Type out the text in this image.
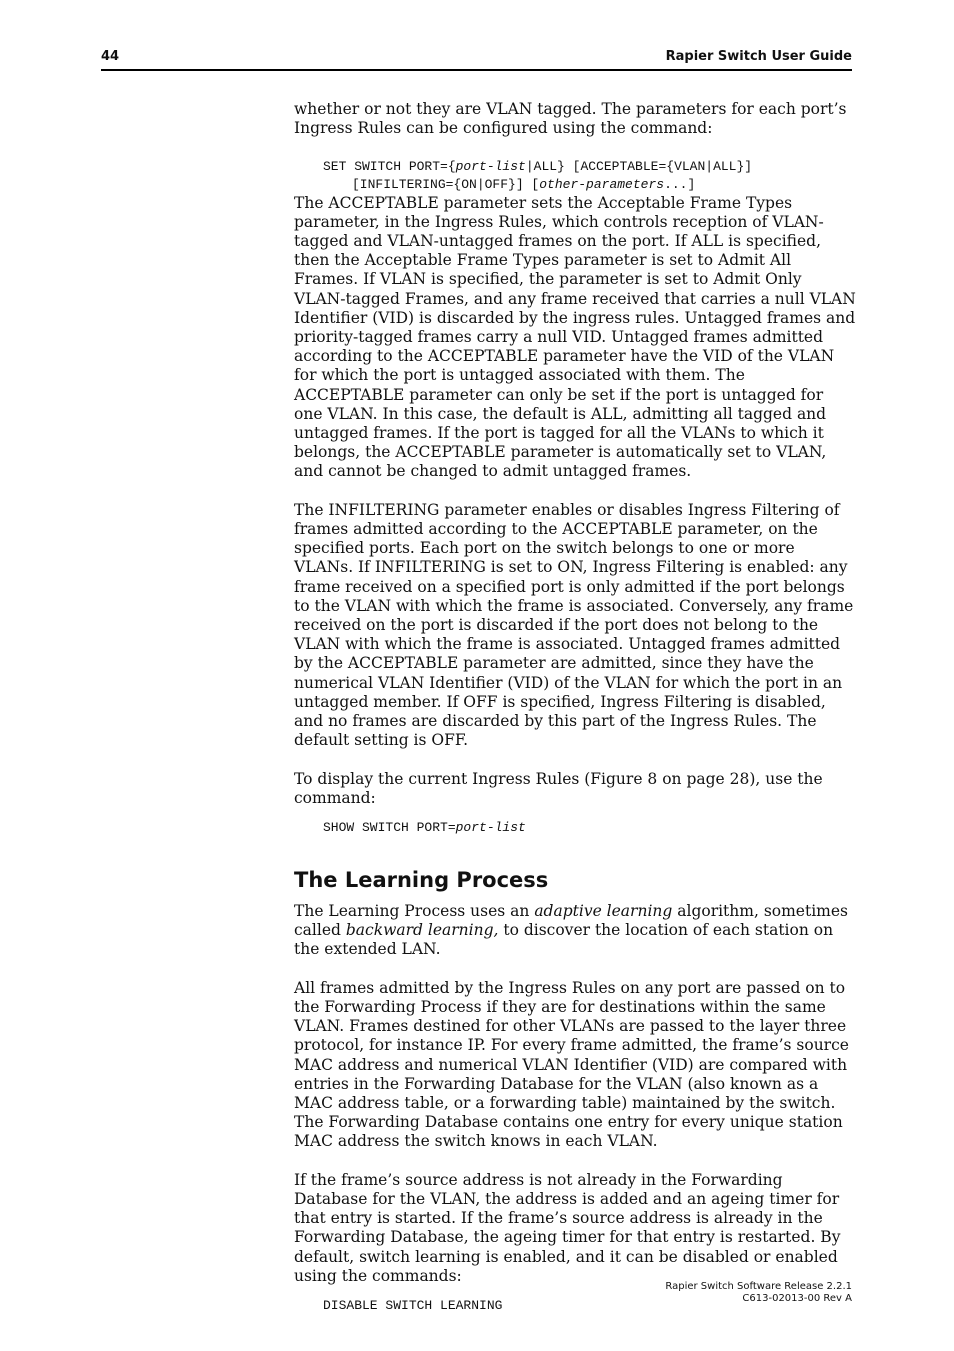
44	Rapier Switch User Guide

whether or not they are VLAN tagged. The parameters for each port’s Ingress Rules can be configured using the command:

SET SWITCH PORT={port-list|ALL} [ACCEPTABLE={VLAN|ALL}]
[INFILTERING={ON|OFF}] [other-parameters...]

The ACCEPTABLE parameter sets the Acceptable Frame Types parameter, in the Ingress Rules, which controls reception of VLAN-tagged and VLAN-untagged frames on the port. If ALL is specified, then the Acceptable Frame Types parameter is set to Admit All Frames. If VLAN is specified, the parameter is set to Admit Only VLAN-tagged Frames, and any frame received that carries a null VLAN Identifier (VID) is discarded by the ingress rules. Untagged frames and priority-tagged frames carry a null VID. Untagged frames admitted according to the ACCEPTABLE parameter have the VID of the VLAN for which the port is untagged associated with them. The ACCEPTABLE parameter can only be set if the port is untagged for one VLAN. In this case, the default is ALL, admitting all tagged and untagged frames. If the port is tagged for all the VLANs to which it belongs, the ACCEPTABLE parameter is automatically set to VLAN, and cannot be changed to admit untagged frames.

The INFILTERING parameter enables or disables Ingress Filtering of frames admitted according to the ACCEPTABLE parameter, on the specified ports. Each port on the switch belongs to one or more VLANs. If INFILTERING is set to ON, Ingress Filtering is enabled: any frame received on a specified port is only admitted if the port belongs to the VLAN with which the frame is associated. Conversely, any frame received on the port is discarded if the port does not belong to the VLAN with which the frame is associated. Untagged frames admitted by the ACCEPTABLE parameter are admitted, since they have the numerical VLAN Identifier (VID) of the VLAN for which the port in an untagged member. If OFF is specified, Ingress Filtering is disabled, and no frames are discarded by this part of the Ingress Rules. The default setting is OFF.

To display the current Ingress Rules (Figure 8 on page 28), use the command:

SHOW SWITCH PORT=port-list
The Learning Process

The Learning Process uses an adaptive learning algorithm, sometimes called backward learning, to discover the location of each station on the extended LAN.

All frames admitted by the Ingress Rules on any port are passed on to the Forwarding Process if they are for destinations within the same VLAN. Frames destined for other VLANs are passed to the layer three protocol, for instance IP. For every frame admitted, the frame’s source MAC address and numerical VLAN Identifier (VID) are compared with entries in the Forwarding Database for the VLAN (also known as a MAC address table, or a forwarding table) maintained by the switch. The Forwarding Database contains one entry for every unique station MAC address the switch knows in each VLAN.

If the frame’s source address is not already in the Forwarding Database for the VLAN, the address is added and an ageing timer for that entry is started. If the frame’s source address is already in the Forwarding Database, the ageing timer for that entry is restarted. By default, switch learning is enabled, and it can be disabled or enabled using the commands:

DISABLE SWITCH LEARNING
Rapier Switch Software Release 2.2.1
C613-02013-00 Rev A
